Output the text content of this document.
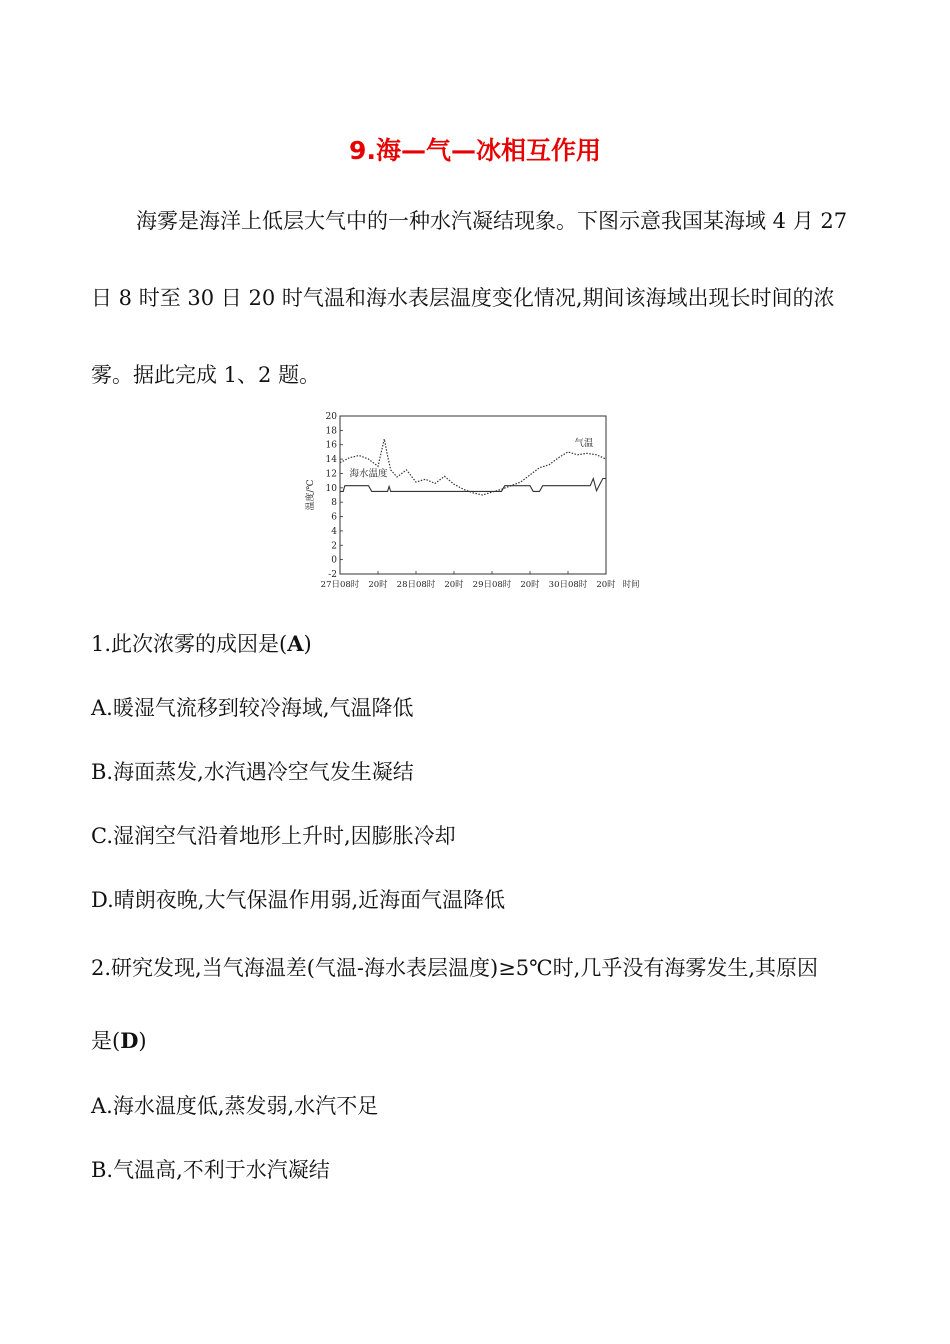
9.海—气—冰相互作用
海雾是海洋上低层大气中的一种水汽凝结现象。下图示意我国某海域 4 月 27 日 8 时至 30 日 20 时气温和海水表层温度变化情况,期间该海域出现长时间的浓雾。据此完成 1、2 题。
20
18
16
14
12
10
8
6
4
2
0
-2
27日08时 20时 28日08时 20时 29日08时 20时 30日08时 20时 时间
温度/℃
气温
海水温度
1.此次浓雾的成因是(A)
A.暖湿气流移到较冷海域,气温降低
B.海面蒸发,水汽遇冷空气发生凝结
C.湿润空气沿着地形上升时,因膨胀冷却
D.晴朗夜晚,大气保温作用弱,近海面气温降低
2.研究发现,当气海温差(气温-海水表层温度)≥5℃时,几乎没有海雾发生,其原因
是(D)
A.海水温度低,蒸发弱,水汽不足
B.气温高,不利于水汽凝结
